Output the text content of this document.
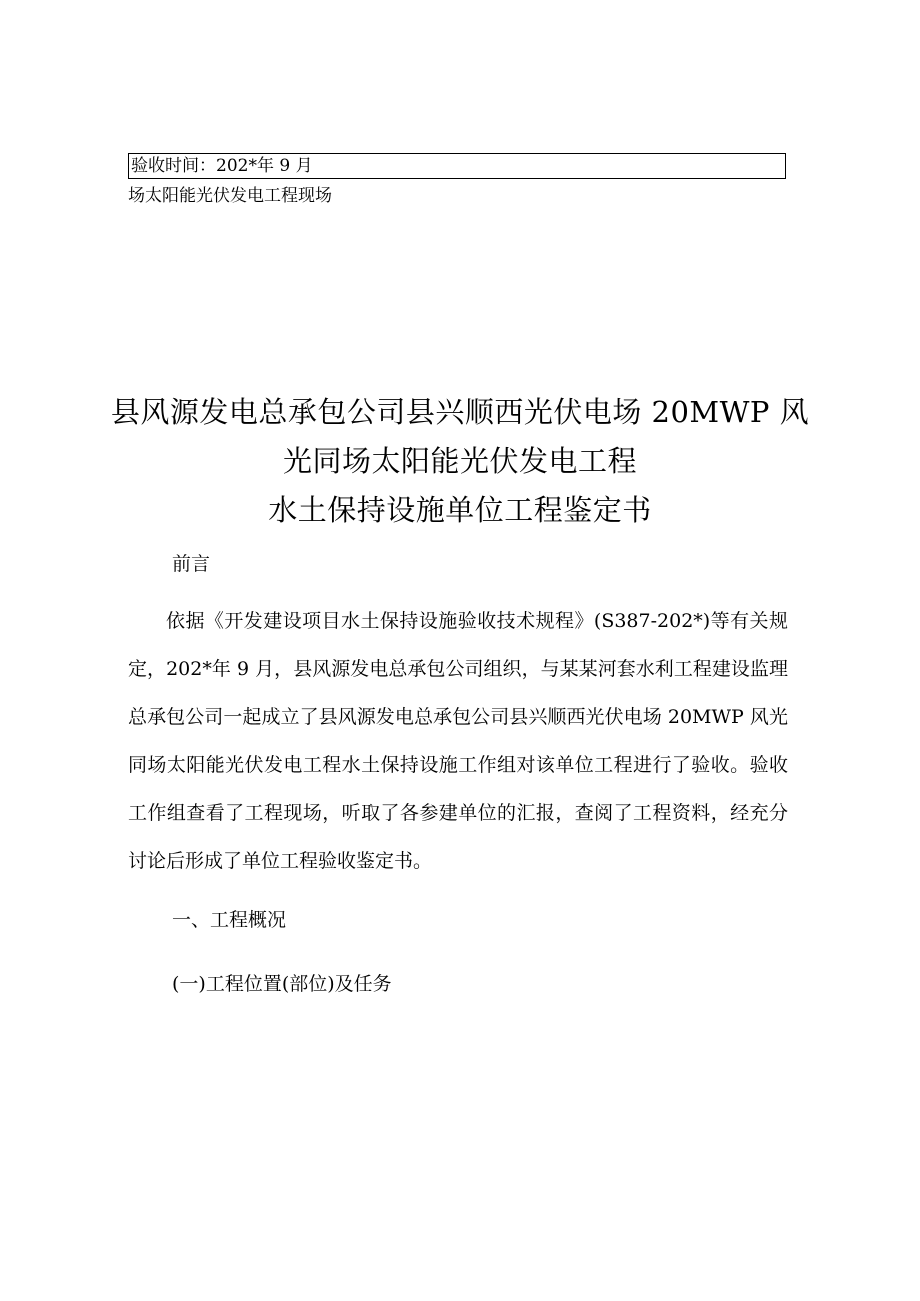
验收时间：202*年 9 月
场太阳能光伏发电工程现场
县风源发电总承包公司县兴顺西光伏电场 20MWP 风
光同场太阳能光伏发电工程
水土保持设施单位工程鉴定书
前言
依据《开发建设项目水土保持设施验收技术规程》(S387-202*)等有关规定，202*年 9 月，县风源发电总承包公司组织，与某某河套水利工程建设监理总承包公司一起成立了县风源发电总承包公司县兴顺西光伏电场 20MWP 风光同场太阳能光伏发电工程水土保持设施工作组对该单位工程进行了验收。验收工作组查看了工程现场，听取了各参建单位的汇报，查阅了工程资料，经充分讨论后形成了单位工程验收鉴定书。
一、工程概况
(一)工程位置(部位)及任务
